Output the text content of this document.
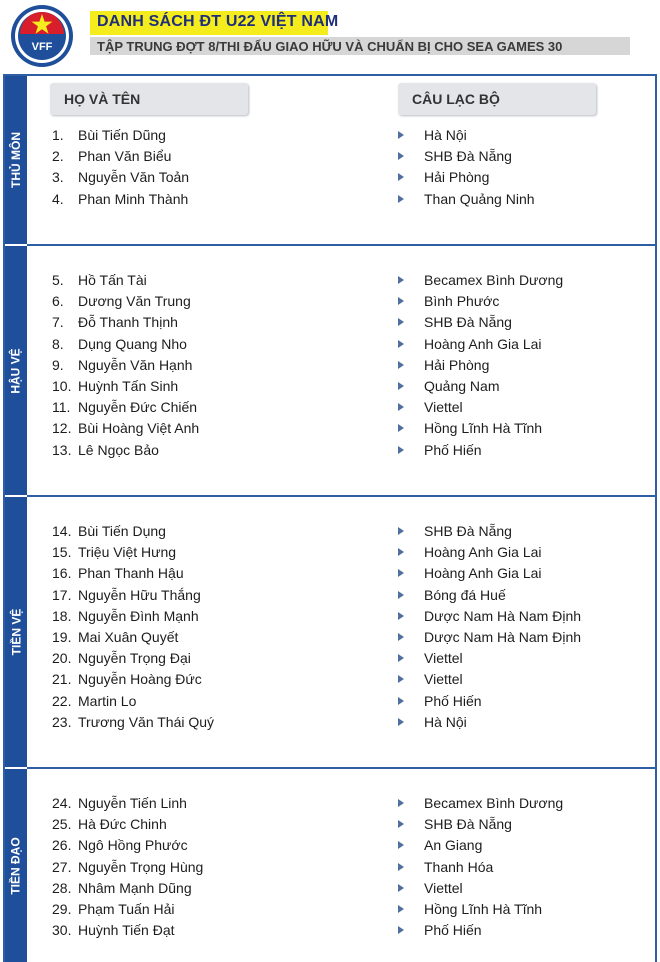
VFF
DANH SÁCH ĐT U22 VIỆT NAM
TẬP TRUNG ĐỢT 8/THI ĐẤU GIAO HỮU VÀ CHUẨN BỊ CHO SEA GAMES 30
HỌ VÀ TÊN	CÂU LẠC BỘ
THỦ MÔN 1. Bùi Tiến Dũng	Hà Nội
2. Phan Văn Biểu	SHB Đà Nẵng
3. Nguyễn Văn Toản	Hải Phòng
4. Phan Minh Thành	Than Quảng Ninh
HẬU VỆ
5. Hồ Tấn Tài	Becamex Bình Dương
6. Dương Văn Trung	Bình Phước
7. Đỗ Thanh Thịnh	SHB Đà Nẵng
8. Dụng Quang Nho	Hoàng Anh Gia Lai
9. Nguyễn Văn Hạnh	Hải Phòng
10. Huỳnh Tấn Sinh	Quảng Nam
11. Nguyễn Đức Chiến	Viettel
12. Bùi Hoàng Việt Anh	Hồng Lĩnh Hà Tĩnh
13. Lê Ngọc Bảo	Phố Hiến
TIỀN VỆ
14. Bùi Tiến Dụng	SHB Đà Nẵng
15. Triệu Việt Hưng	Hoàng Anh Gia Lai
16. Phan Thanh Hậu	Hoàng Anh Gia Lai
17. Nguyễn Hữu Thắng	Bóng đá Huế
18. Nguyễn Đình Mạnh	Dược Nam Hà Nam Định
19. Mai Xuân Quyết	Dược Nam Hà Nam Định
20. Nguyễn Trọng Đại	Viettel
21. Nguyễn Hoàng Đức	Viettel
22. Martin Lo	Phố Hiến
23. Trương Văn Thái Quý	Hà Nội
TIỀN ĐẠO
24. Nguyễn Tiến Linh	Becamex Bình Dương
25. Hà Đức Chinh	SHB Đà Nẵng
26. Ngô Hồng Phước	An Giang
27. Nguyễn Trọng Hùng	Thanh Hóa
28. Nhâm Mạnh Dũng	Viettel
29. Phạm Tuấn Hải	Hồng Lĩnh Hà Tĩnh
30. Huỳnh Tiến Đạt	Phố Hiến
